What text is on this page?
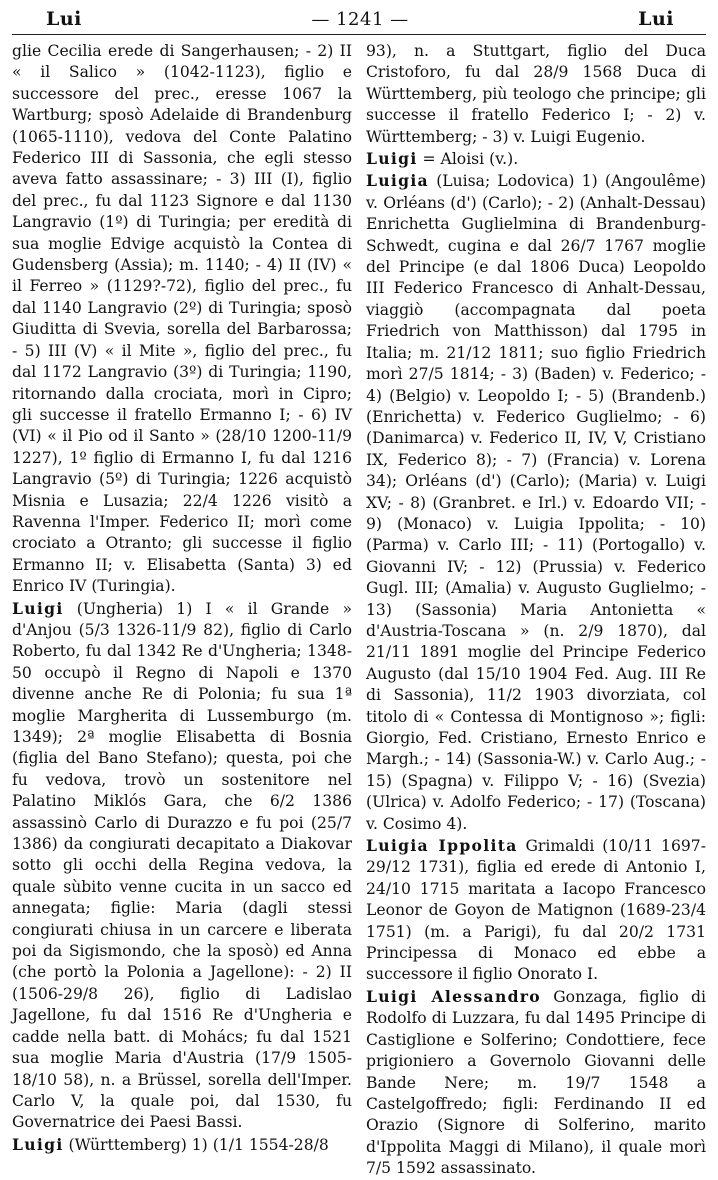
Lui	— 1241 —	Lui

glie Cecilia erede di Sangerhausen; - 2) II « il Salico » (1042-1123), figlio e successore del prec., eresse 1067 la Wartburg; sposò Adelaide di Brandenburg (1065-1110), vedova del Conte Palatino Federico III di Sassonia, che egli stesso aveva fatto assassinare; - 3) III (I), figlio del prec., fu dal 1123 Signore e dal 1130 Langravio (1º) di Turingia; per eredità di sua moglie Edvige acquistò la Contea di Gudensberg (Assia); m. 1140; - 4) II (IV) « il Ferreo » (1129?-72), figlio del prec., fu dal 1140 Langravio (2º) di Turingia; sposò Giuditta di Svevia, sorella del Barbarossa; - 5) III (V) « il Mite », figlio del prec., fu dal 1172 Langravio (3º) di Turingia; 1190, ritornando dalla crociata, morì in Cipro; gli successe il fratello Ermanno I; - 6) IV (VI) « il Pio od il Santo » (28/10 1200-11/9 1227), 1º figlio di Ermanno I, fu dal 1216 Langravio (5º) di Turingia; 1226 acquistò Misnia e Lusazia; 22/4 1226 visitò a Ravenna l'Imper. Federico II; morì come crociato a Otranto; gli successe il figlio Ermanno II; v. Elisabetta (Santa) 3) ed Enrico IV (Turingia).

Luigi (Ungheria) 1) I « il Grande » d'Anjou (5/3 1326-11/9 82), figlio di Carlo Roberto, fu dal 1342 Re d'Ungheria; 1348-50 occupò il Regno di Napoli e 1370 divenne anche Re di Polonia; fu sua 1ª moglie Margherita di Lussemburgo (m. 1349); 2ª moglie Elisabetta di Bosnia (figlia del Bano Stefano); questa, poi che fu vedova, trovò un sostenitore nel Palatino Miklós Gara, che 6/2 1386 assassinò Carlo di Durazzo e fu poi (25/7 1386) da congiurati decapitato a Diakovar sotto gli occhi della Regina vedova, la quale sùbito venne cucita in un sacco ed annegata; figlie: Maria (dagli stessi congiurati chiusa in un carcere e liberata poi da Sigismondo, che la sposò) ed Anna (che portò la Polonia a Jagellone): - 2) II (1506-29/8 26), figlio di Ladislao Jagellone, fu dal 1516 Re d'Ungheria e cadde nella batt. di Mohács; fu dal 1521 sua moglie Maria d'Austria (17/9 1505-18/10 58), n. a Brüssel, sorella dell'Imper. Carlo V, la quale poi, dal 1530, fu Governatrice dei Paesi Bassi.

Luigi (Württemberg) 1) (1/1 1554-28/8

93), n. a Stuttgart, figlio del Duca Cristoforo, fu dal 28/9 1568 Duca di Württemberg, più teologo che principe; gli successe il fratello Federico I; - 2) v. Württemberg; - 3) v. Luigi Eugenio.

Luigi = Aloisi (v.).

Luigia (Luisa; Lodovica) 1) (Angoulême) v. Orléans (d') (Carlo); - 2) (Anhalt-Dessau) Enrichetta Guglielmina di Brandenburg-Schwedt, cugina e dal 26/7 1767 moglie del Principe (e dal 1806 Duca) Leopoldo III Federico Francesco di Anhalt-Dessau, viaggiò (accompagnata dal poeta Friedrich von Matthisson) dal 1795 in Italia; m. 21/12 1811; suo figlio Friedrich morì 27/5 1814; - 3) (Baden) v. Federico; - 4) (Belgio) v. Leopoldo I; - 5) (Brandenb.) (Enrichetta) v. Federico Guglielmo; - 6) (Danimarca) v. Federico II, IV, V, Cristiano IX, Federico 8); - 7) (Francia) v. Lorena 34); Orléans (d') (Carlo); (Maria) v. Luigi XV; - 8) (Granbret. e Irl.) v. Edoardo VII; - 9) (Monaco) v. Luigia Ippolita; - 10) (Parma) v. Carlo III; - 11) (Portogallo) v. Giovanni IV; - 12) (Prussia) v. Federico Gugl. III; (Amalia) v. Augusto Guglielmo; - 13) (Sassonia) Maria Antonietta « d'Austria-Toscana » (n. 2/9 1870), dal 21/11 1891 moglie del Principe Federico Augusto (dal 15/10 1904 Fed. Aug. III Re di Sassonia), 11/2 1903 divorziata, col titolo di « Contessa di Montignoso »; figli: Giorgio, Fed. Cristiano, Ernesto Enrico e Margh.; - 14) (Sassonia-W.) v. Carlo Aug.; - 15) (Spagna) v. Filippo V; - 16) (Svezia) (Ulrica) v. Adolfo Federico; - 17) (Toscana) v. Cosimo 4).

Luigia Ippolita Grimaldi (10/11 1697-29/12 1731), figlia ed erede di Antonio I, 24/10 1715 maritata a Iacopo Francesco Leonor de Goyon de Matignon (1689-23/4 1751) (m. a Parigi), fu dal 20/2 1731 Principessa di Monaco ed ebbe a successore il figlio Onorato I.

Luigi Alessandro Gonzaga, figlio di Rodolfo di Luzzara, fu dal 1495 Principe di Castiglione e Solferino; Condottiere, fece prigioniero a Governolo Giovanni delle Bande Nere; m. 19/7 1548 a Castelgoffredo; figli: Ferdinando II ed Orazio (Signore di Solferino, marito d'Ippolita Maggi di Milano), il quale morì 7/5 1592 assassinato.
